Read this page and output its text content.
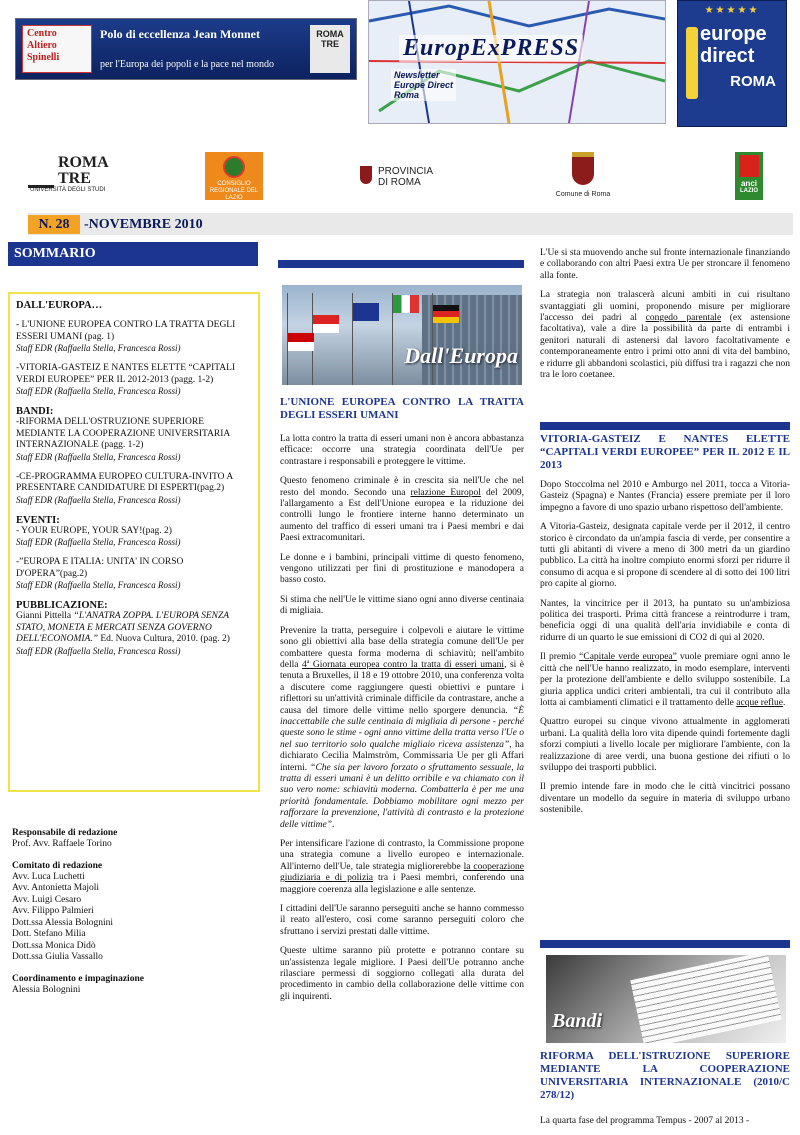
Centro Altiero Spinelli
Polo di eccellenza Jean Monnet
per l'Europa dei popoli e la pace nel mondo
ROMA TRE	EuropExPRESS
Newsletter
Europe Direct
Roma
★★★★★
europe
direct
ROMA
ROMA TRE
UNIVERSITÀ DEGLI STUDI
CONSIGLIO REGIONALE DEL LAZIO
PROVINCIA DI ROMA
Comune di Roma
anci
LAZIO
N. 28	-NOVEMBRE 2010
SOMMARIO

DALL'EUROPA…

- L'UNIONE EUROPEA CONTRO LA TRATTA DEGLI ESSERI UMANI (pag. 1)

Staff EDR (Raffaella Stella, Francesca Rossi)

-VITORIA-GASTEIZ E NANTES ELETTE “CAPITALI VERDI EUROPEE” PER IL 2012-2013 (pagg. 1-2)

Staff EDR (Raffaella Stella, Francesca Rossi)

BANDI:

-RIFORMA DELL'OSTRUZIONE SUPERIORE MEDIANTE LA COOPERAZIONE UNIVERSITARIA INTERNAZIONALE (pagg. 1-2)

Staff EDR (Raffaella Stella, Francesca Rossi)

-CE-PROGRAMMA EUROPEO CULTURA-INVITO A PRESENTARE CANDIDATURE DI ESPERTI(pag.2)

Staff EDR (Raffaella Stella, Francesca Rossi)

EVENTI:

- YOUR EUROPE, YOUR SAY!(pag. 2)

Staff EDR (Raffaella Stella, Francesca Rossi)

-”EUROPA E ITALIA: UNITA' IN CORSO D'OPERA”(pag.2)

Staff EDR (Raffaella Stella, Francesca Rossi)

PUBBLICAZIONE:

Gianni Pittella “L'ANATRA ZOPPA. L'EUROPA SENZA STATO, MONETA E MERCATI SENZA GOVERNO DELL'ECONOMIA.” Ed. Nuova Cultura, 2010. (pag. 2)

Staff EDR (Raffaella Stella, Francesca Rossi)

Responsabile di redazione

Prof. Avv. Raffaele Torino

Comitato di redazione

Avv. Luca Luchetti

Avv. Antonietta Majoli

Avv. Luigi Cesaro

Avv. Filippo Palmieri

Dott.ssa Alessia Bolognini

Dott. Stefano Milia

Dott.ssa Monica Didò

Dott.ssa Giulia Vassallo

Coordinamento e impaginazione

Alessia Bolognini

Dall'Europa

L'UNIONE EUROPEA CONTRO LA TRATTA DEGLI ESSERI UMANI

La lotta contro la tratta di esseri umani non è ancora abbastanza efficace: occorre una strategia coordinata dell'Ue per contrastare i responsabili e proteggere le vittime.

Questo fenomeno criminale è in crescita sia nell'Ue che nel resto del mondo. Secondo una relazione Europol del 2009, l'allargamento a Est dell'Unione europea e la riduzione dei controlli lungo le frontiere interne hanno determinato un aumento del traffico di esseri umani tra i Paesi membri e dai Paesi extracomunitari.

Le donne e i bambini, principali vittime di questo fenomeno, vengono utilizzati per fini di prostituzione e manodopera a basso costo.

Si stima che nell'Ue le vittime siano ogni anno diverse centinaia di migliaia.

Prevenire la tratta, perseguire i colpevoli e aiutare le vittime sono gli obiettivi alla base della strategia comune dell'Ue per combattere questa forma moderna di schiavitù; nell'ambito della 4ª Giornata europea contro la tratta di esseri umani, si è tenuta a Bruxelles, il 18 e 19 ottobre 2010, una conferenza volta a discutere come raggiungere questi obiettivi e puntare i riflettori su un'attività criminale difficile da contrastare, anche a causa del timore delle vittime nello sporgere denuncia. “È inaccettabile che sulle centinaia di migliaia di persone - perché queste sono le stime - ogni anno vittime della tratta verso l'Ue o nel suo territorio solo qualche migliaio riceva assistenza”, ha dichiarato Cecilia Malmström, Commissaria Ue per gli Affari interni. “Che sia per lavoro forzato o sfruttamento sessuale, la tratta di esseri umani è un delitto orribile e va chiamato con il suo vero nome: schiavitù moderna. Combatterla è per me una priorità fondamentale. Dobbiamo mobilitare ogni mezzo per rafforzare la prevenzione, l'attività di contrasto e la protezione delle vittime”.

Per intensificare l'azione di contrasto, la Commissione propone una strategia comune a livello europeo e internazionale. All'interno dell'Ue, tale strategia migliorerebbe la cooperazione giudiziaria e di polizia tra i Paesi membri, conferendo una maggiore coerenza alla legislazione e alle sentenze.

I cittadini dell'Ue saranno perseguiti anche se hanno commesso il reato all'estero, così come saranno perseguiti coloro che sfruttano i servizi prestati dalle vittime.

Queste ultime saranno più protette e potranno contare su un'assistenza legale migliore. I Paesi dell'Ue potranno anche rilasciare permessi di soggiorno collegati alla durata del procedimento in cambio della collaborazione delle vittime con gli inquirenti.

L'Ue si sta muovendo anche sul fronte internazionale finanziando e collaborando con altri Paesi extra Ue per stroncare il fenomeno alla fonte.

La strategia non tralascerà alcuni ambiti in cui risultano svantaggiati gli uomini, proponendo misure per migliorare l'accesso dei padri al congedo parentale (ex astensione facoltativa), vale a dire la possibilità da parte di entrambi i genitori naturali di astenersi dal lavoro facoltativamente e contemporaneamente entro i primi otto anni di vita del bambino, e ridurre gli abbandoni scolastici, più diffusi tra i ragazzi che non tra le loro coetanee.

VITORIA-GASTEIZ E NANTES ELETTE “CAPITALI VERDI EUROPEE” PER IL 2012 E IL 2013

Dopo Stoccolma nel 2010 e Amburgo nel 2011, tocca a Vitoria-Gasteiz (Spagna) e Nantes (Francia) essere premiate per il loro impegno a favore di uno spazio urbano rispettoso dell'ambiente.

A Vitoria-Gasteiz, designata capitale verde per il 2012, il centro storico è circondato da un'ampia fascia di verde, per consentire a tutti gli abitanti di vivere a meno di 300 metri da un giardino pubblico. La città ha inoltre compiuto enormi sforzi per ridurre il consumo di acqua e si propone di scendere al di sotto dei 100 litri pro capite al giorno.

Nantes, la vincitrice per il 2013, ha puntato su un'ambiziosa politica dei trasporti. Prima città francese a reintrodurre i tram, beneficia oggi di una qualità dell'aria invidiabile e conta di ridurre di un quarto le sue emissioni di CO2 di qui al 2020.

Il premio “Capitale verde europea” vuole premiare ogni anno le città che nell'Ue hanno realizzato, in modo esemplare, interventi per la protezione dell'ambiente e dello sviluppo sostenibile. La giuria applica undici criteri ambientali, tra cui il contributo alla lotta ai cambiamenti climatici e il trattamento delle acque reflue.

Quattro europei su cinque vivono attualmente in agglomerati urbani. La qualità della loro vita dipende quindi fortemente dagli sforzi compiuti a livello locale per migliorare l'ambiente, con la realizzazione di aree verdi, una buona gestione dei rifiuti o lo sviluppo dei trasporti pubblici.

Il premio intende fare in modo che le città vincitrici possano diventare un modello da seguire in materia di sviluppo urbano sostenibile.

Bandi

RIFORMA DELL'ISTRUZIONE SUPERIORE MEDIANTE LA COOPERAZIONE UNIVERSITARIA INTERNAZIONALE (2010/C 278/12)

La quarta fase del programma Tempus - 2007 al 2013 -
